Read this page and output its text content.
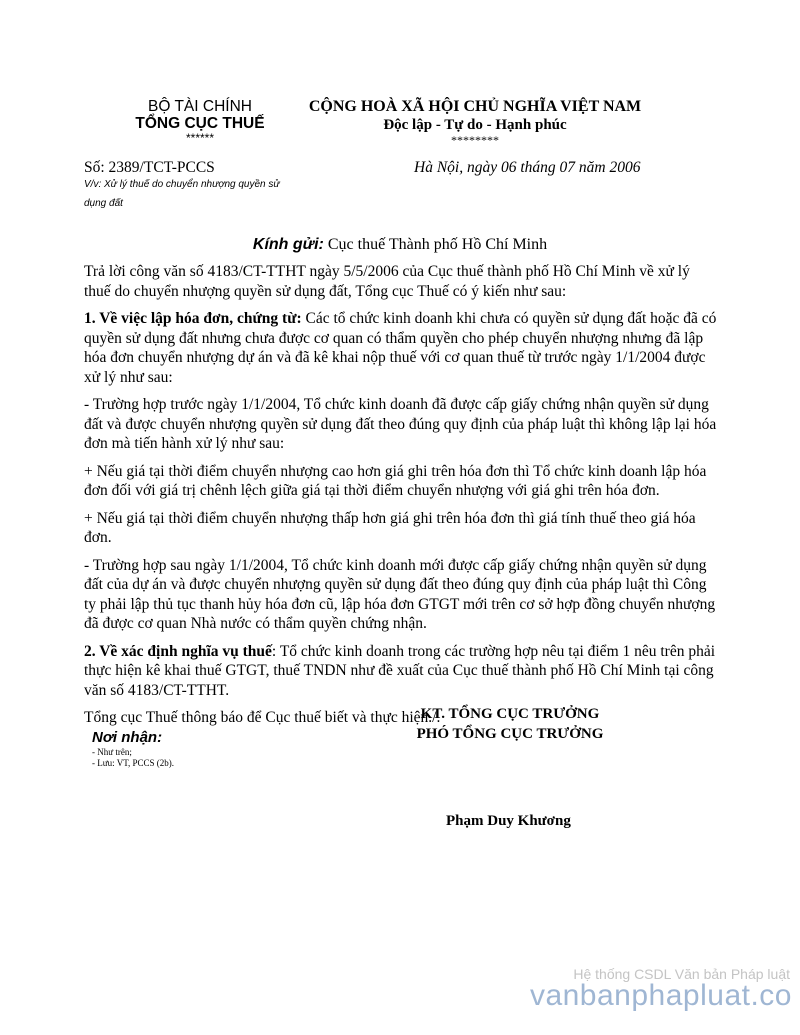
BỘ TÀI CHÍNH
TỔNG CỤC THUẾ
******
CỘNG HOÀ XÃ HỘI CHỦ NGHĨA VIỆT NAM
Độc lập - Tự do - Hạnh phúc
********
Số: 2389/TCT-PCCS	Hà Nội, ngày 06 tháng 07 năm 2006
V/v: Xử lý thuế do chuyển nhượng quyền sử dụng đất
Kính gửi: Cục thuế Thành phố Hồ Chí Minh

Trả lời công văn số 4183/CT-TTHT ngày 5/5/2006 của Cục thuế thành phố Hồ Chí Minh về xử lý thuế do chuyển nhượng quyền sử dụng đất, Tổng cục Thuế có ý kiến như sau:

1. Về việc lập hóa đơn, chứng từ: Các tổ chức kinh doanh khi chưa có quyền sử dụng đất hoặc đã có quyền sử dụng đất nhưng chưa được cơ quan có thẩm quyền cho phép chuyển nhượng nhưng đã lập hóa đơn chuyển nhượng dự án và đã kê khai nộp thuế với cơ quan thuế từ trước ngày 1/1/2004 được xử lý như sau:

- Trường hợp trước ngày 1/1/2004, Tổ chức kinh doanh đã được cấp giấy chứng nhận quyền sử dụng đất và được chuyển nhượng quyền sử dụng đất theo đúng quy định của pháp luật thì không lập lại hóa đơn mà tiến hành xử lý như sau:

+ Nếu giá tại thời điểm chuyển nhượng cao hơn giá ghi trên hóa đơn thì Tổ chức kinh doanh lập hóa đơn đối với giá trị chênh lệch giữa giá tại thời điểm chuyển nhượng với giá ghi trên hóa đơn.

+ Nếu giá tại thời điểm chuyển nhượng thấp hơn giá ghi trên hóa đơn thì giá tính thuế theo giá hóa đơn.

- Trường hợp sau ngày 1/1/2004, Tổ chức kinh doanh mới được cấp giấy chứng nhận quyền sử dụng đất của dự án và được chuyển nhượng quyền sử dụng đất theo đúng quy định của pháp luật thì Công ty phải lập thủ tục thanh hủy hóa đơn cũ, lập hóa đơn GTGT mới trên cơ sở hợp đồng chuyển nhượng đã được cơ quan Nhà nước có thẩm quyền chứng nhận.

2. Về xác định nghĩa vụ thuế: Tổ chức kinh doanh trong các trường hợp nêu tại điểm 1 nêu trên phải thực hiện kê khai thuế GTGT, thuế TNDN như đề xuất của Cục thuế thành phố Hồ Chí Minh tại công văn số 4183/CT-TTHT.

Tổng cục Thuế thông báo để Cục thuế biết và thực hiện./.

Nơi nhận:
- Như trên;
- Lưu: VT, PCCS (2b).
KT. TỔNG CỤC TRƯỞNG
PHÓ TỔNG CỤC TRƯỞNG
Phạm Duy Khương
Hệ thống CSDL Văn bản Pháp luật
vanbanphapluat.co
